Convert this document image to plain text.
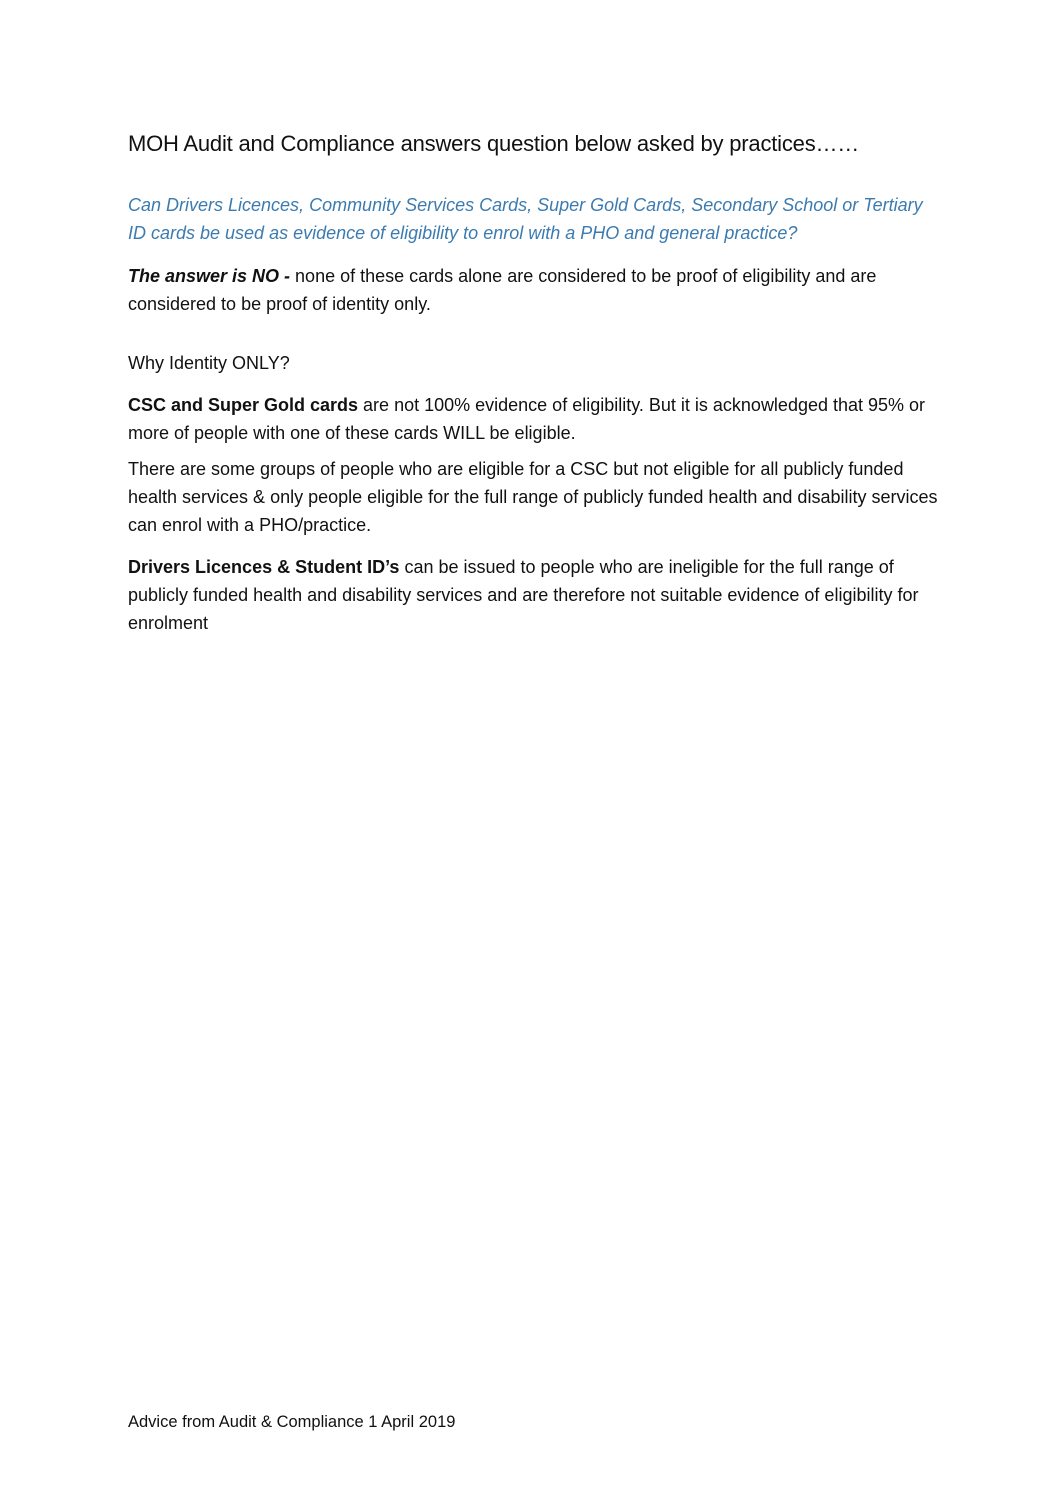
MOH Audit and Compliance answers question below asked by practices……

Can Drivers Licences, Community Services Cards, Super Gold Cards, Secondary School or Tertiary ID cards be used as evidence of eligibility to enrol with a PHO and general practice?

The answer is NO - none of these cards alone are considered to be proof of eligibility and are considered to be proof of identity only.

Why Identity ONLY?

CSC and Super Gold cards are not 100% evidence of eligibility. But it is acknowledged that 95% or more of people with one of these cards WILL be eligible.

There are some groups of people who are eligible for a CSC but not eligible for all publicly funded health services & only people eligible for the full range of publicly funded health and disability services can enrol with a PHO/practice.

Drivers Licences & Student ID’s can be issued to people who are ineligible for the full range of publicly funded health and disability services and are therefore not suitable evidence of eligibility for enrolment

Advice from Audit & Compliance 1 April 2019
